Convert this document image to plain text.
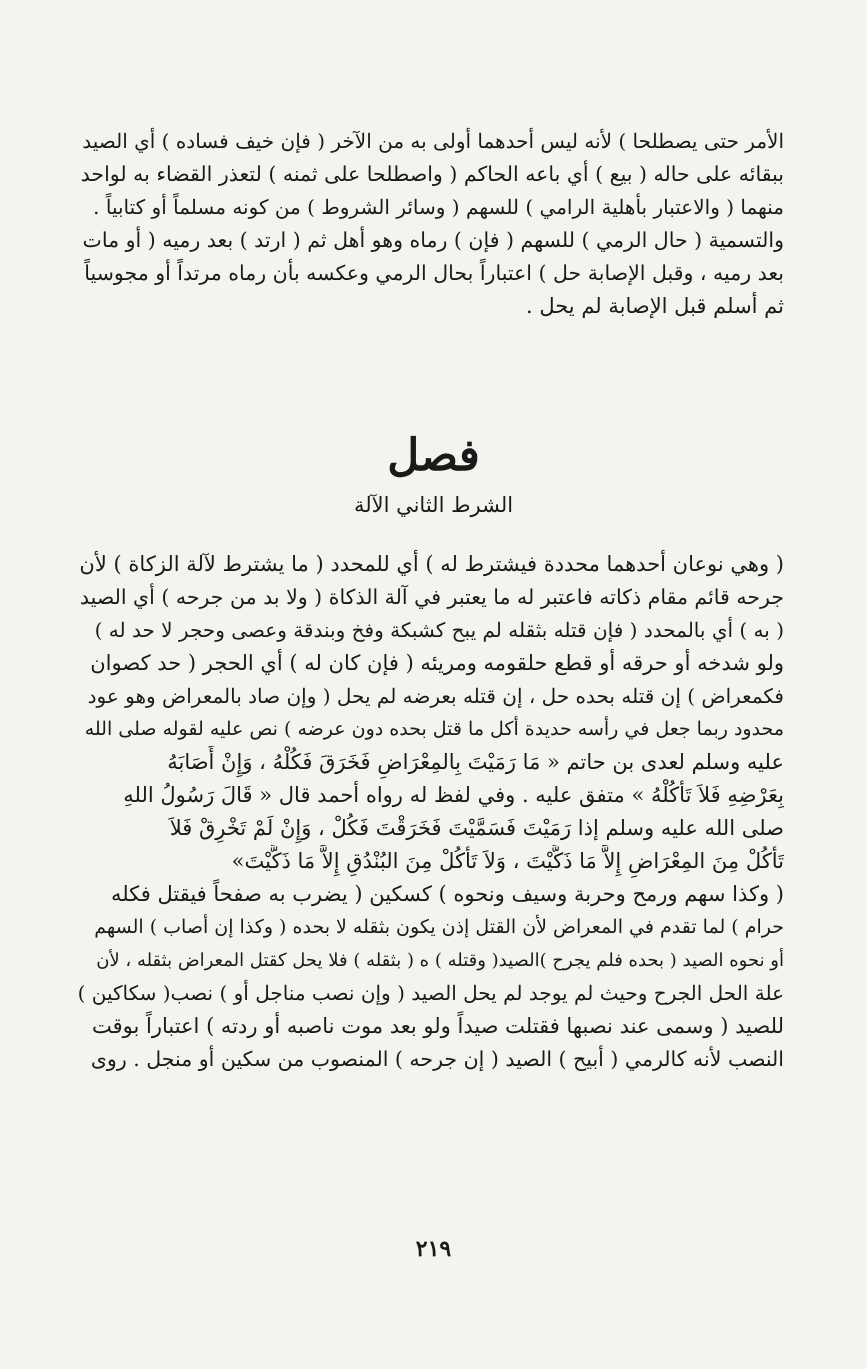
الأمر حتى يصطلحا ) لأنه ليس أحدهما أولى به من الآخر ( فإن خيف فساده ) أي الصيد
ببقائه على حاله ( بيع ) أي باعه الحاكم ( واصطلحا على ثمنه ) لتعذر القضاء به لواحد
منهما ( والاعتبار بأهلية الرامي ) للسهم ( وسائر الشروط ) من كونه مسلماً أو كتابياً .
والتسمية ( حال الرمي ) للسهم ( فإن ) رماه وهو أهل ثم ( ارتد ) بعد رميه ( أو مات
بعد رميه ، وقبل الإصابة حل ) اعتباراً بحال الرمي وعكسه بأن رماه مرتداً أو مجوسياً
ثم أسلم قبل الإصابة لم يحل .
فصل
الشرط الثاني الآلة
( وهي نوعان أحدهما محددة فيشترط له ) أي للمحدد ( ما يشترط لآلة الزكاة ) لأن
جرحه قائم مقام ذكاته فاعتبر له ما يعتبر في آلة الذكاة ( ولا بد من جرحه ) أي الصيد
( به ) أي بالمحدد ( فإن قتله بثقله لم يبح كشبكة وفخ وبندقة وعصى وحجر لا حد له )
ولو شدخه أو حرقه أو قطع حلقومه ومريئه ( فإن كان له ) أي الحجر ( حد كصوان
فكمعراض ) إن قتله بحده حل ، إن قتله بعرضه لم يحل ( وإن صاد بالمعراض وهو عود
محدود ربما جعل في رأسه حديدة أكل ما قتل بحده دون عرضه ) نص عليه لقوله صلى الله
عليه وسلم لعدى بن حاتم « مَا رَمَيْتَ بِالمِعْرَاضِ فَخَرَقَ فَكُلْهُ ، وَإِنْ أَصَابَهُ
بِعَرْضِهِ فَلاَ تَأْكُلْهُ » متفق عليه . وفي لفظ له رواه أحمد قال « قَالَ رَسُولُ اللهِ
صلى الله عليه وسلم إذا رَمَيْتَ فَسَمَّيْتَ فَخَرَقْتَ فَكُلْ ، وَإِنْ لَمْ تَخْرِقْ فَلاَ
تَأْكُلْ مِنَ المِعْرَاضِ إِلاَّ مَا ذَكَّيْتَ ، وَلاَ تَأْكُلْ مِنَ البُنْدُقِ إِلاَّ مَا ذَكَّيْتَ»
( وكذا سهم ورمح وحربة وسيف ونحوه ) كسكين ( يضرب به صفحاً فيقتل فكله
حرام ) لما تقدم في المعراض لأن القتل إذن يكون بثقله لا بحده ( وكذا إن أصاب ) السهم
أو نحوه الصيد ( بحده فلم يجرح )الصيد( وقتله ) ه ( بثقله ) فلا يحل كقتل المعراض بثقله ، لأن
علة الحل الجرح وحيث لم يوجد لم يحل الصيد ( وإن نصب مناجل أو ) نصب( سكاكين )
للصيد ( وسمى عند نصبها فقتلت صيداً ولو بعد موت ناصبه أو ردته ) اعتباراً بوقت
النصب لأنه كالرمي ( أبيح ) الصيد ( إن جرحه ) المنصوب من سكين أو منجل . روى
٢١٩
